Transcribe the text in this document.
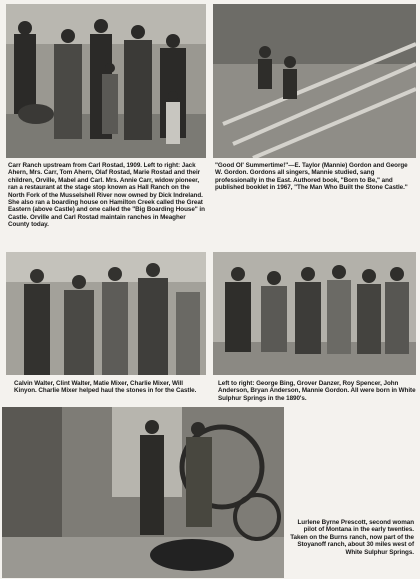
Carr Ranch upstream from Carl Rostad, 1909. Left to right: Jack Ahern, Mrs. Carr, Tom Ahern, Olaf Rostad, Marie Rostad and their children, Orville, Mabel and Carl. Mrs. Annie Carr, widow pioneer, ran a restaurant at the stage stop known as Hall Ranch on the North Fork of the Musselshell River now owned by Dick Indreland. She also ran a boarding house on Hamilton Creek called the Great Eastern (above Castle) and one called the "Big Boarding House" in Castle. Orville and Carl Rostad maintain ranches in Meagher County today.
"Good Ol' Summertime!"—E. Taylor (Mannie) Gordon and George W. Gordon. Gordons all singers, Mannie studied, sang professionally in the East. Authored book, "Born to Be," and published booklet in 1967, "The Man Who Built the Stone Castle."
Calvin Walter, Clint Walter, Matie Mixer, Charlie Mixer, Will Kinyon. Charlie Mixer helped haul the stones in for the Castle.
Left to right: George Bing, Grover Danzer, Roy Spencer, John Anderson, Bryan Anderson, Mannie Gordon. All were born in White Sulphur Springs in the 1890's.
Lurlene Byrne Prescott, second woman pilot of Montana in the early twenties. Taken on the Burns ranch, now part of the Stoyanoff ranch, about 30 miles west of White Sulphur Springs.
